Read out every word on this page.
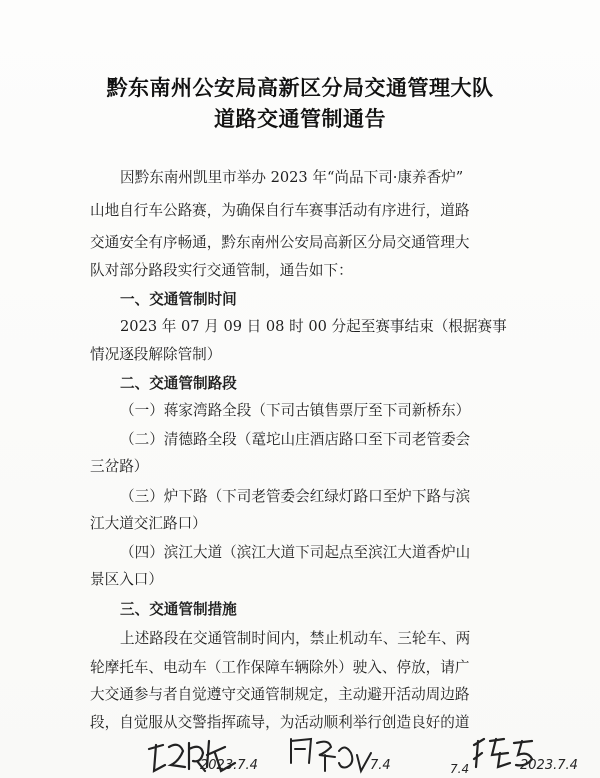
黔东南州公安局高新区分局交通管理大队
道路交通管制通告
因黔东南州凯里市举办 2023 年“尚品下司·康养香炉”
山地自行车公路赛，为确保自行车赛事活动有序进行，道路
交通安全有序畅通，黔东南州公安局高新区分局交通管理大
队对部分路段实行交通管制，通告如下：
一、交通管制时间
2023 年 07 月 09 日 08 时 00 分起至赛事结束（根据赛事
情况逐段解除管制）
二、交通管制路段
（一）蒋家湾路全段（下司古镇售票厅至下司新桥东）
（二）清德路全段（鼋坨山庄酒店路口至下司老管委会
三岔路）
（三）炉下路（下司老管委会红绿灯路口至炉下路与滨
江大道交汇路口）
（四）滨江大道（滨江大道下司起点至滨江大道香炉山
景区入口）
三、交通管制措施
上述路段在交通管制时间内，禁止机动车、三轮车、两
轮摩托车、电动车（工作保障车辆除外）驶入、停放，请广
大交通参与者自觉遵守交通管制规定，主动避开活动周边路
段，自觉服从交警指挥疏导，为活动顺利举行创造良好的道
2023.7.4	7.4	2023.7.4
7.4
